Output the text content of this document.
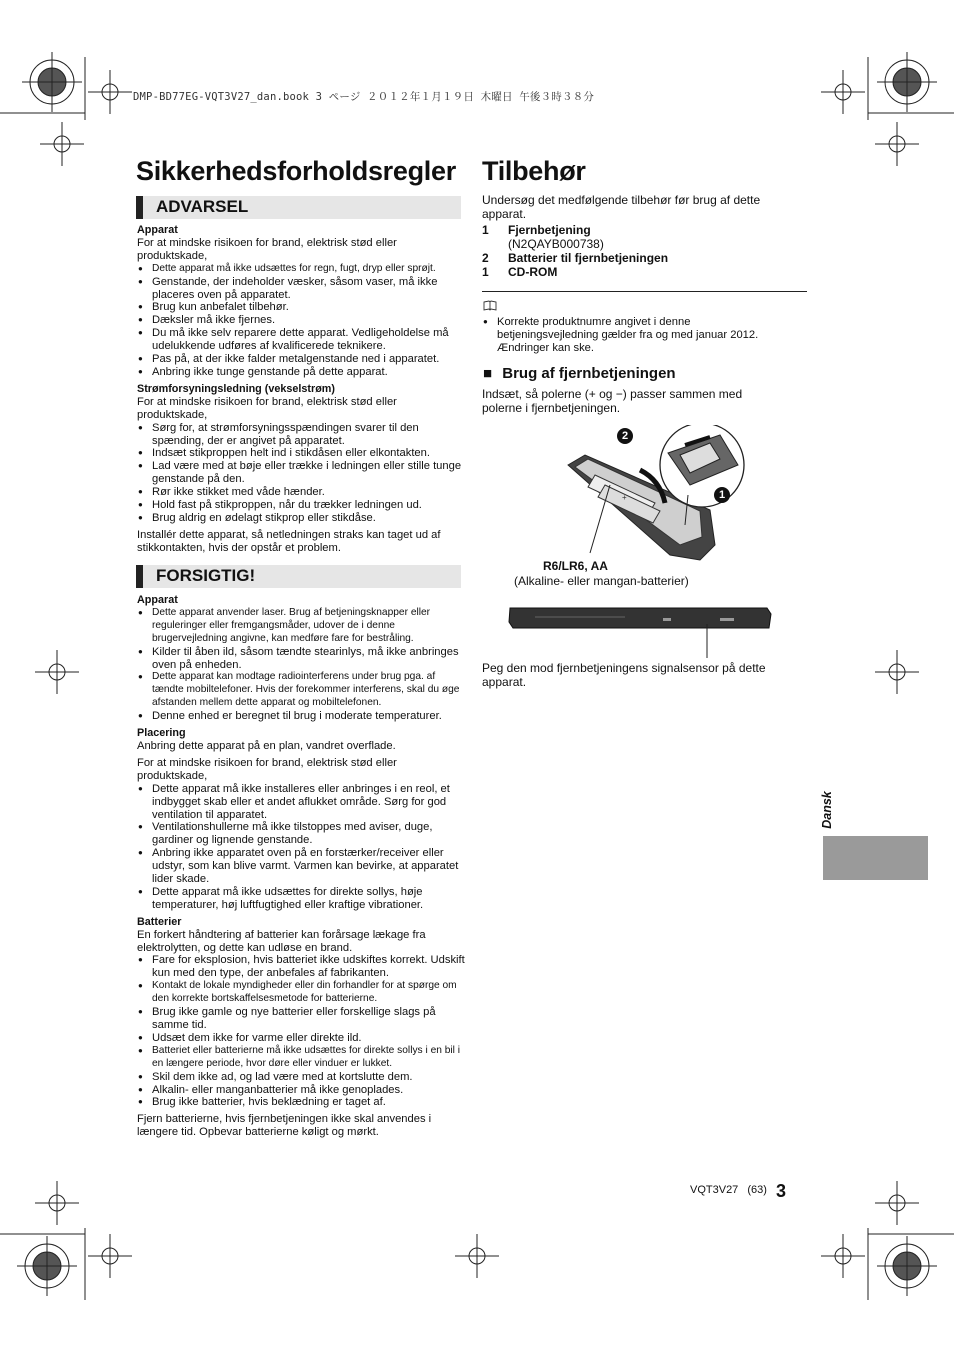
DMP-BD77EG-VQT3V27_dan.book 3 ページ ２０１２年１月１９日 木曜日 午後３時３８分
Sikkerhedsforholdsregler
ADVARSEL

Apparat

For at mindske risikoen for brand, elektrisk stød eller produktskade,

● Dette apparat må ikke udsættes for regn, fugt, dryp eller sprøjt.
● Genstande, der indeholder væsker, såsom vaser, må ikke placeres oven på apparatet.
● Brug kun anbefalet tilbehør.
● Dæksler må ikke fjernes.
● Du må ikke selv reparere dette apparat. Vedligeholdelse må udelukkende udføres af kvalificerede teknikere.
● Pas på, at der ikke falder metalgenstande ned i apparatet.
● Anbring ikke tunge genstande på dette apparat.

Strømforsyningsledning (vekselstrøm)

For at mindske risikoen for brand, elektrisk stød eller produktskade,

● Sørg for, at strømforsyningsspændingen svarer til den spænding, der er angivet på apparatet.
● Indsæt stikproppen helt ind i stikdåsen eller elkontakten.
● Lad være med at bøje eller trække i ledningen eller stille tunge genstande på den.
● Rør ikke stikket med våde hænder.
● Hold fast på stikproppen, når du trækker ledningen ud.
● Brug aldrig en ødelagt stikprop eller stikdåse.

Installér dette apparat, så netledningen straks kan taget ud af stikkontakten, hvis der opstår et problem.

FORSIGTIG!

Apparat

● Dette apparat anvender laser. Brug af betjeningsknapper eller reguleringer eller fremgangsmåder, udover de i denne brugervejledning angivne, kan medføre fare for bestråling.
● Kilder til åben ild, såsom tændte stearinlys, må ikke anbringes oven på enheden.
● Dette apparat kan modtage radiointerferens under brug pga. af tændte mobiltelefoner. Hvis der forekommer interferens, skal du øge afstanden mellem dette apparat og mobiltelefonen.
● Denne enhed er beregnet til brug i moderate temperaturer.

Placering

Anbring dette apparat på en plan, vandret overflade.

For at mindske risikoen for brand, elektrisk stød eller produktskade,

● Dette apparat må ikke installeres eller anbringes i en reol, et indbygget skab eller et andet aflukket område. Sørg for god ventilation til apparatet.
● Ventilationshullerne må ikke tilstoppes med aviser, duge, gardiner og lignende genstande.
● Anbring ikke apparatet oven på en forstærker/receiver eller udstyr, som kan blive varmt. Varmen kan bevirke, at apparatet lider skade.
● Dette apparat må ikke udsættes for direkte sollys, høje temperaturer, høj luftfugtighed eller kraftige vibrationer.

Batterier

En forkert håndtering af batterier kan forårsage lækage fra elektrolytten, og dette kan udløse en brand.

● Fare for eksplosion, hvis batteriet ikke udskiftes korrekt. Udskift kun med den type, der anbefales af fabrikanten.
● Kontakt de lokale myndigheder eller din forhandler for at spørge om den korrekte bortskaffelsesmetode for batterierne.
● Brug ikke gamle og nye batterier eller forskellige slags på samme tid.
● Udsæt dem ikke for varme eller direkte ild.
● Batteriet eller batterierne må ikke udsættes for direkte sollys i en bil i en længere periode, hvor døre eller vinduer er lukket.
● Skil dem ikke ad, og lad være med at kortslutte dem.
● Alkalin- eller manganbatterier må ikke genoplades.
● Brug ikke batterier, hvis beklædning er taget af.

Fjern batterierne, hvis fjernbetjeningen ikke skal anvendes i længere tid. Opbevar batterierne køligt og mørkt.

Tilbehør
Undersøg det medfølgende tilbehør før brug af dette apparat.
1	Fjernbetjening
(N2QAYB000738)
2	Batterier til fjernbetjeningen
1	CD-ROM
● Korrekte produktnumre angivet i denne betjeningsvejledning gælder fra og med januar 2012. Ændringer kan ske.
■ Brug af fjernbetjeningen
Indsæt, så polerne (+ og −) passer sammen med polerne i fjernbetjeningen.
+
2
1
R6/LR6, AA
(Alkaline- eller mangan-batterier)
Peg den mod fjernbetjeningens signalsensor på dette apparat.
Dansk
VQT3V27 (63) 3
